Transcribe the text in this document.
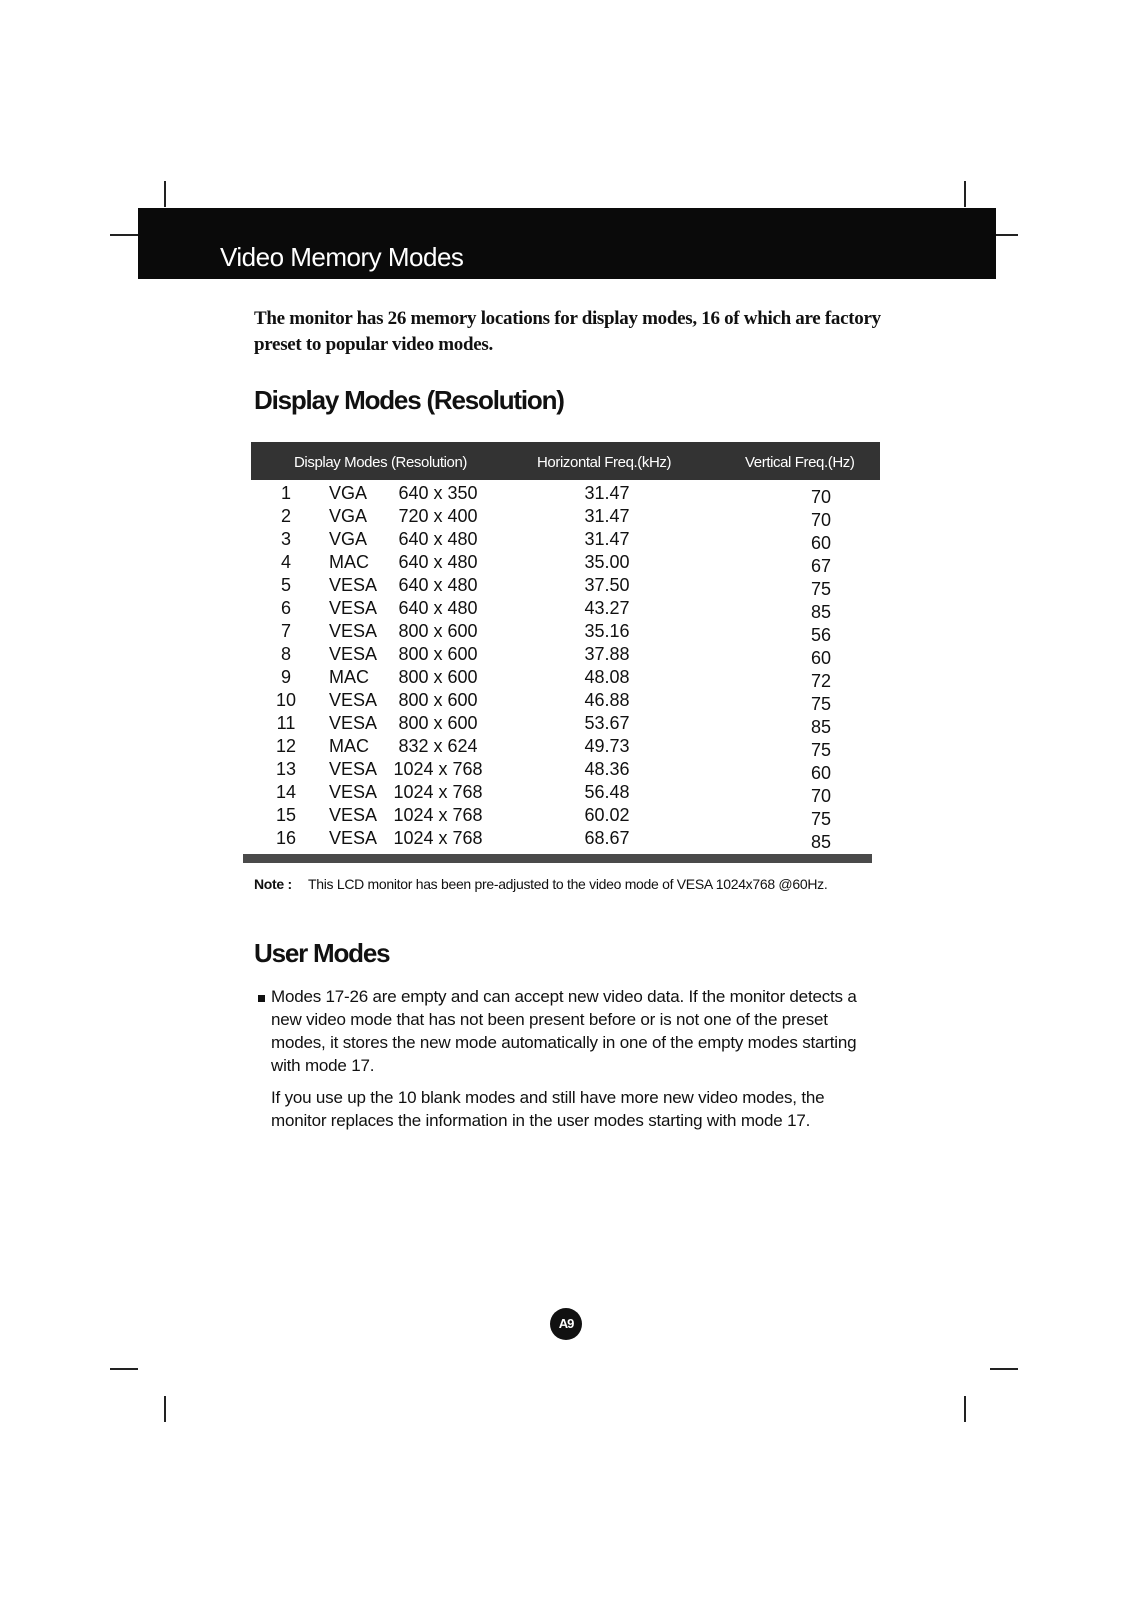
Video Memory Modes
The monitor has 26 memory locations for display modes, 16 of which are factory preset to popular video modes.
Display Modes (Resolution)
Display Modes (Resolution)	Horizontal Freq.(kHz)	Vertical Freq.(Hz)
1	VGA	640 x 350	31.47	70
2	VGA	720 x 400	31.47	70
3	VGA	640 x 480	31.47	60
4	MAC	640 x 480	35.00	67
5	VESA	640 x 480	37.50	75
6	VESA	640 x 480	43.27	85
7	VESA	800 x 600	35.16	56
8	VESA	800 x 600	37.88	60
9	MAC	800 x 600	48.08	72
10 VESA	800 x 600	46.88	75
11	VESA	800 x 600	53.67	85
12 MAC	832 x 624	49.73	75
13 VESA 1024 x 768	48.36	60
14 VESA 1024 x 768	56.48	70
15 VESA 1024 x 768	60.02	75
16 VESA 1024 x 768	68.67	85
Note : This LCD monitor has been pre-adjusted to the video mode of VESA 1024x768 @60Hz.
User Modes

Modes 17-26 are empty and can accept new video data. If the monitor detects a new video mode that has not been present before or is not one of the preset modes, it stores the new mode automatically in one of the empty modes starting with mode 17.

If you use up the 10 blank modes and still have more new video modes, the monitor replaces the information in the user modes starting with mode 17.

A9
